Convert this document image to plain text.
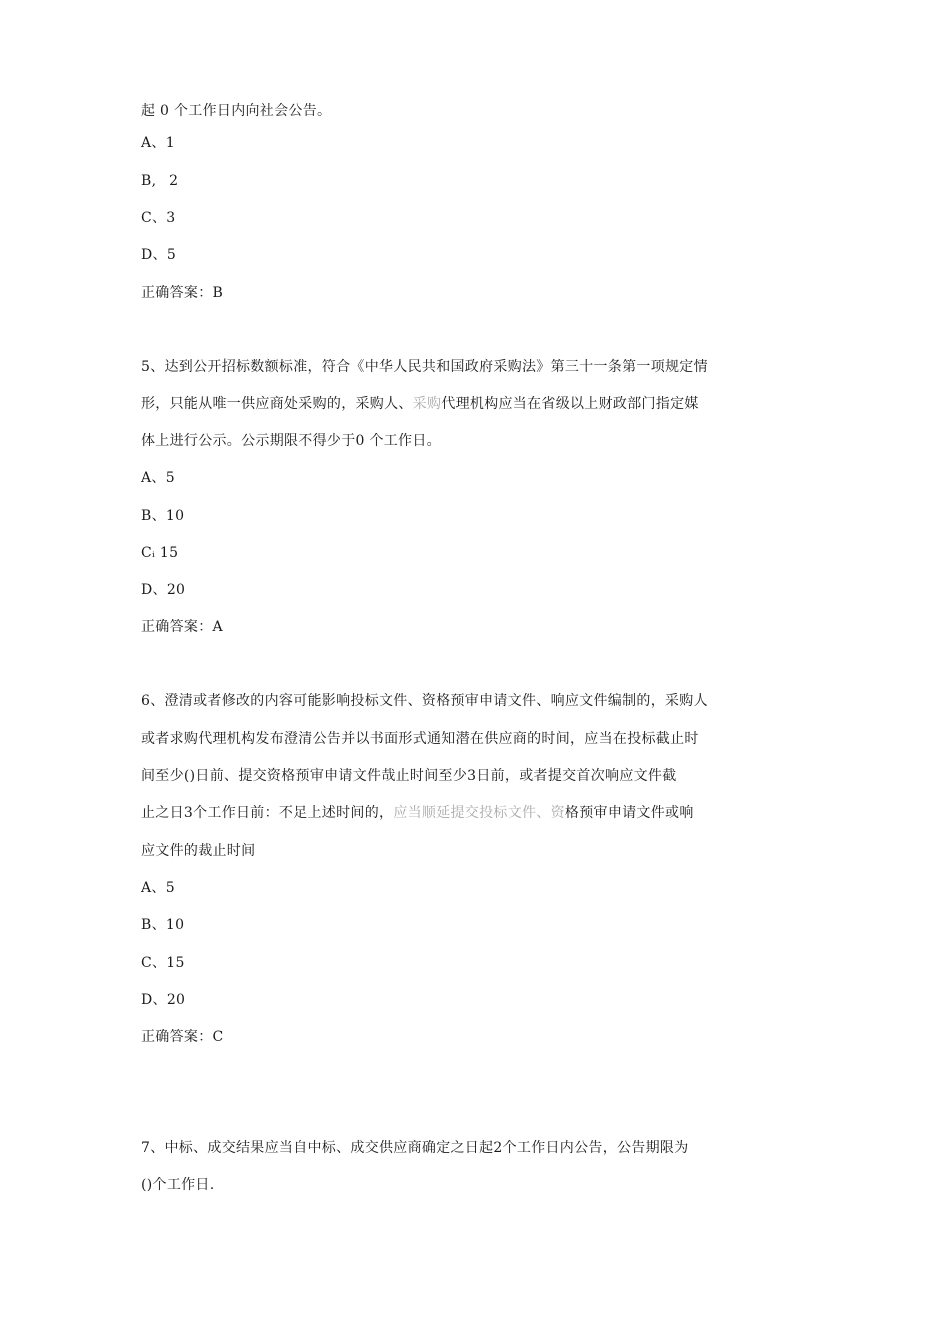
起 0 个工作日内向社会公告。
A、1
B, 2
C、3
D、5
正确答案：B
5、达到公开招标数额标准，符合《中华人民共和国政府采购法》第三十一条第一项规定情
形，只能从唯一供应商处采购的，采购人、采购代理机构应当在省级以上财政部门指定媒
体上进行公示。公示期限不得少于0 个工作日。
A、5
B、10
Cᵢ 15
D、20
正确答案：A
6、澄清或者修改的内容可能影响投标文件、资格预审申请文件、响应文件编制的，采购人
或者求购代理机构发布澄清公告并以书面形式通知潜在供应商的时间，应当在投标截止时
间至少()日前、提交资格预审申请文件哉止时间至少3日前，或者提交首次响应文件截
止之日3个工作日前：不足上述时间的，应当顺延提交投标文件、资格预审申请文件或响
应文件的裁止时间
A、5
B、10
C、15
D、20
正确答案：C
7、中标、成交结果应当自中标、成交供应商确定之日起2个工作日内公告，公告期限为
()个工作日.
